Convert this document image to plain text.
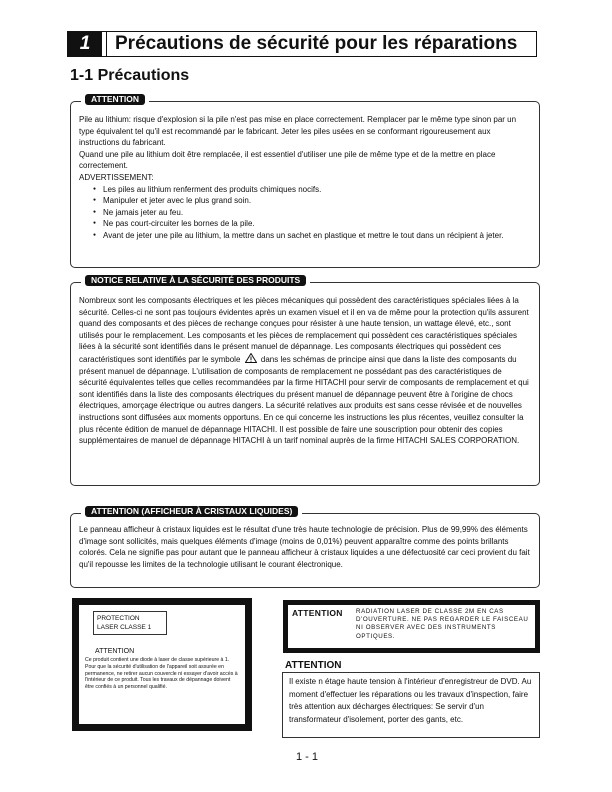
1	Précautions de sécurité pour les réparations
1-1 Précautions
ATTENTION
Pile au lithium: risque d'explosion si la pile n'est pas mise en place correctement. Remplacer par le même type sinon par un type équivalent tel qu'il est recommandé par le fabricant. Jeter les piles usées en se conformant rigoureusement aux instructions du fabricant.
Quand une pile au lithium doit être remplacée, il est essentiel d'utiliser une pile de même type et de la mettre en place correctement.
ADVERTISSEMENT:
● Les piles au lithium renferment des produits chimiques nocifs.
● Manipuler et jeter avec le plus grand soin.
● Ne jamais jeter au feu.
● Ne pas court-circuiter les bornes de la pile.
● Avant de jeter une pile au lithium, la mettre dans un sachet en plastique et mettre le tout dans un récipient à jeter.
NOTICE RELATIVE À LA SÉCURITÉ DES PRODUITS
Nombreux sont les composants électriques et les pièces mécaniques qui possèdent des caractéristiques spéciales liées à la sécurité. Celles-ci ne sont pas toujours évidentes après un examen visuel et il en va de même pour la protection qu'ils assurent quand des composants et des pièces de rechange conçues pour résister à une haute tension, un wattage élevé, etc., sont utilisés pour le remplacement. Les composants et les pièces de remplacement qui possèdent ces caractéristiques spéciales liées à la sécurité sont identifiés dans le présent manuel de dépannage. Les composants électriques qui possèdent ces caractéristiques sont identifiés par le symbole	dans les schémas de principe ainsi que dans la liste des composants du présent manuel de dépannage. L'utilisation de composants de remplacement ne possédant pas des caractéristiques de sécurité équivalentes telles que celles recommandées par la firme HITACHI pour servir de composants de remplacement et qui sont identifiés dans la liste des composants électriques du présent manuel de dépannage peuvent être à l'origine de chocs électriques, amorçage électrique ou autres dangers. La sécurité relatives aux produits est sans cesse révisée et de nouvelles instructions sont diffusées aux moments opportuns. En ce qui concerne les instructions les plus récentes, veuillez consulter la plus récente édition de manuel de dépannage HITACHI. Il est possible de faire une souscription pour obtenir des copies supplémentaires de manuel de dépannage HITACHI à un tarif nominal auprès de la firme HITACHI SALES CORPORATION.
ATTENTION (AFFICHEUR À CRISTAUX LIQUIDES)
Le panneau afficheur à cristaux liquides est le résultat d'une très haute technologie de précision. Plus de 99,99% des éléments d'image sont sollicités, mais quelques éléments d'image (moins de 0,01%) peuvent apparaître comme des points brillants colorés. Cela ne signifie pas pour autant que le panneau afficheur à cristaux liquides a une défectuosité car ceci provient du fait qu'il repousse les limites de la technologie utilisant le courant électronique.
PROTECTION
LASER CLASSE 1
ATTENTION
Ce produit contient une diode à laser de classe supérieure à 1. Pour que la sécurité d'utilisation de l'appareil soit assurée en permanence, ne retirer aucun couvercle ni essayer d'avoir accès à l'intérieur de ce produit. Tous les travaux de dépannage doivent être confiés à un personnel qualifié.
ATTENTION	RADIATION LASER DE CLASSE 2M EN CAS D'OUVERTURE. NE PAS REGARDER LE FAISCEAU NI OBSERVER AVEC DES INSTRUMENTS OPTIQUES.
ATTENTION
Il existe n étage haute tension à l'intérieur d'enregistreur de DVD. Au moment d'effectuer les réparations ou les travaux d'inspection, faire très attention aux décharges électriques: Se servir d'un transformateur d'isolement, porter des gants, etc.
1 - 1
